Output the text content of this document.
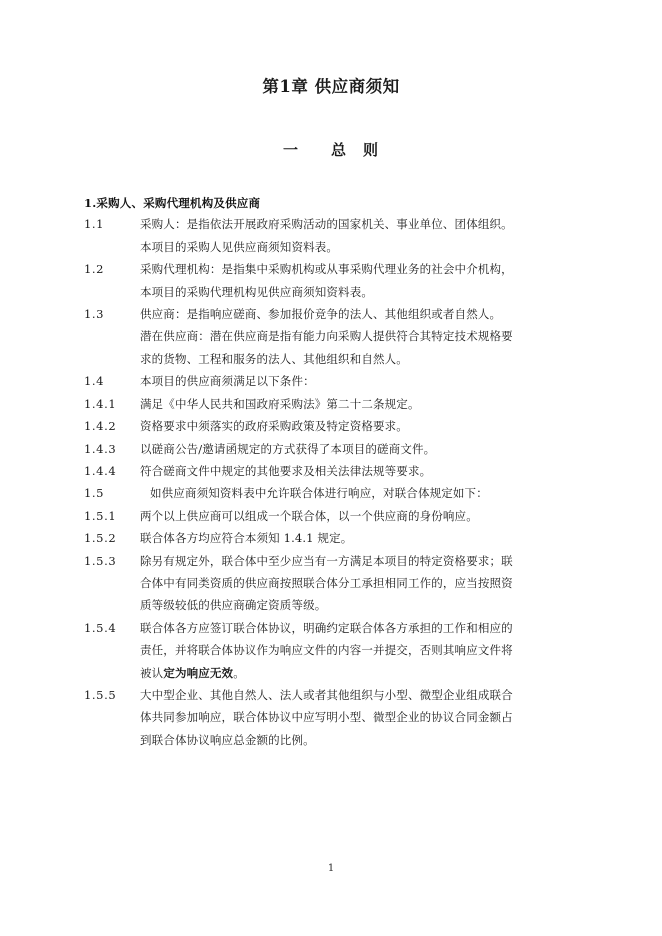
第1章 供应商须知
一　　总　则
1.采购人、采购代理机构及供应商
1.1	采购人：是指依法开展政府采购活动的国家机关、事业单位、团体组织。
本项目的采购人见供应商须知资料表。
1.2	采购代理机构：是指集中采购机构或从事采购代理业务的社会中介机构，
本项目的采购代理机构见供应商须知资料表。
1.3	供应商：是指响应磋商、参加报价竞争的法人、其他组织或者自然人。
潜在供应商：潜在供应商是指有能力向采购人提供符合其特定技术规格要
求的货物、工程和服务的法人、其他组织和自然人。
1.4	本项目的供应商须满足以下条件：
1.4.1	满足《中华人民共和国政府采购法》第二十二条规定。
1.4.2	资格要求中须落实的政府采购政策及特定资格要求。
1.4.3	以磋商公告/邀请函规定的方式获得了本项目的磋商文件。
1.4.4	符合磋商文件中规定的其他要求及相关法律法规等要求。
1.5	如供应商须知资料表中允许联合体进行响应，对联合体规定如下：
1.5.1	两个以上供应商可以组成一个联合体，以一个供应商的身份响应。
1.5.2	联合体各方均应符合本须知 1.4.1 规定。
1.5.3	除另有规定外，联合体中至少应当有一方满足本项目的特定资格要求；联
合体中有同类资质的供应商按照联合体分工承担相同工作的，应当按照资
质等级较低的供应商确定资质等级。
1.5.4	联合体各方应签订联合体协议，明确约定联合体各方承担的工作和相应的
责任，并将联合体协议作为响应文件的内容一并提交，否则其响应文件将
被认定为响应无效。
1.5.5	大中型企业、其他自然人、法人或者其他组织与小型、微型企业组成联合
体共同参加响应，联合体协议中应写明小型、微型企业的协议合同金额占
到联合体协议响应总金额的比例。
1
